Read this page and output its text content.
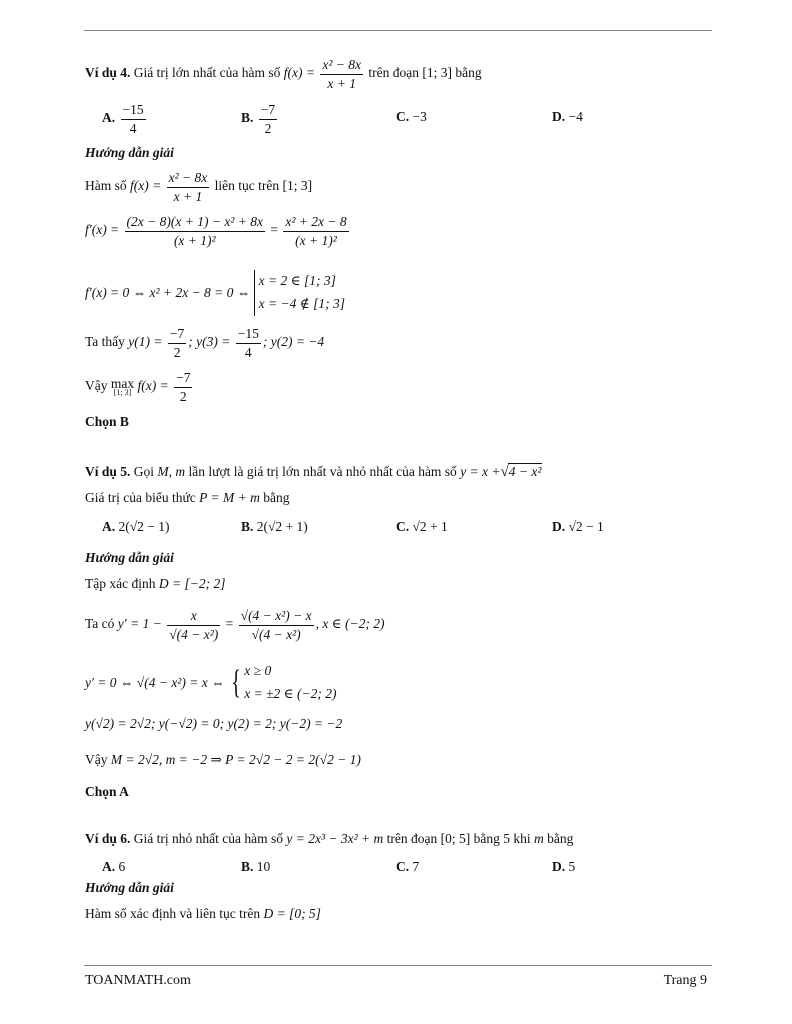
Ví dụ 4. Giá trị lớn nhất của hàm số $f(x) = \frac{\text{x² − 8x}}{x + 1}$ trên đoạn [1; 3] bằng
A. $\frac{-15}{4}$	B. $\frac{-7}{2}$	C. −3	D. −4
Hướng dẫn giải
Hàm số $f(x) = \frac{\text{x² − 8x}}{x + 1}$ liên tục trên [1; 3]
$f'(x) = \frac{\text{(2x − 8)(x + 1) − x² + 8x}}{\text{(x + 1)²}} = \frac{\text{x² + 2x − 8}}{\text{(x + 1)²}}$
f′(x) = 0 ⇔ x² + 2x − 8 = 0 ⇔ x = 2 ∈ [1; 3]
x = −4 ∉ [1; 3]
Ta thấy $y(1) = \frac{-7}{2}$ ; $y(3) = \frac{-15}{4}$ ; y(2) = −4
Vậy max
[1; 3] $f(x) = \frac{-7}{2}$
Chọn B
Ví dụ 5. Gọi M, m lần lượt là giá trị lớn nhất và nhỏ nhất của hàm số y = x +√4 − x²
Giá trị của biểu thức P = M + m bằng
A. 2(√2 − 1)	B. 2(√2 + 1)	C. √2 + 1	D. √2 − 1
Hướng dẫn giải
Tập xác định D = [−2; 2]
Ta có $y' = 1 - \frac{x}{\text{√(4 − x²)}} = \frac{\text{√(4 − x²) − x}}{\text{√(4 − x²)}}$ , x ∈ (−2; 2)
y′ = 0 ⇔ √(4 − x²) = x ⇔ { x ≥ 0
x = ±2 ∈ (−2; 2)
y(√2) = 2√2; y(−√2) = 0; y(2) = 2; y(−2) = −2
Vậy M = 2√2, m = −2 ⇒ P = 2√2 − 2 = 2(√2 − 1)
Chọn A
Ví dụ 6. Giá trị nhỏ nhất của hàm số y = 2x³ − 3x² + m trên đoạn [0; 5] bằng 5 khi m bằng
A. 6	B. 10	C. 7	D. 5
Hướng dẫn giải
Hàm số xác định và liên tục trên D = [0; 5]
TOANMATH.com	Trang 9
